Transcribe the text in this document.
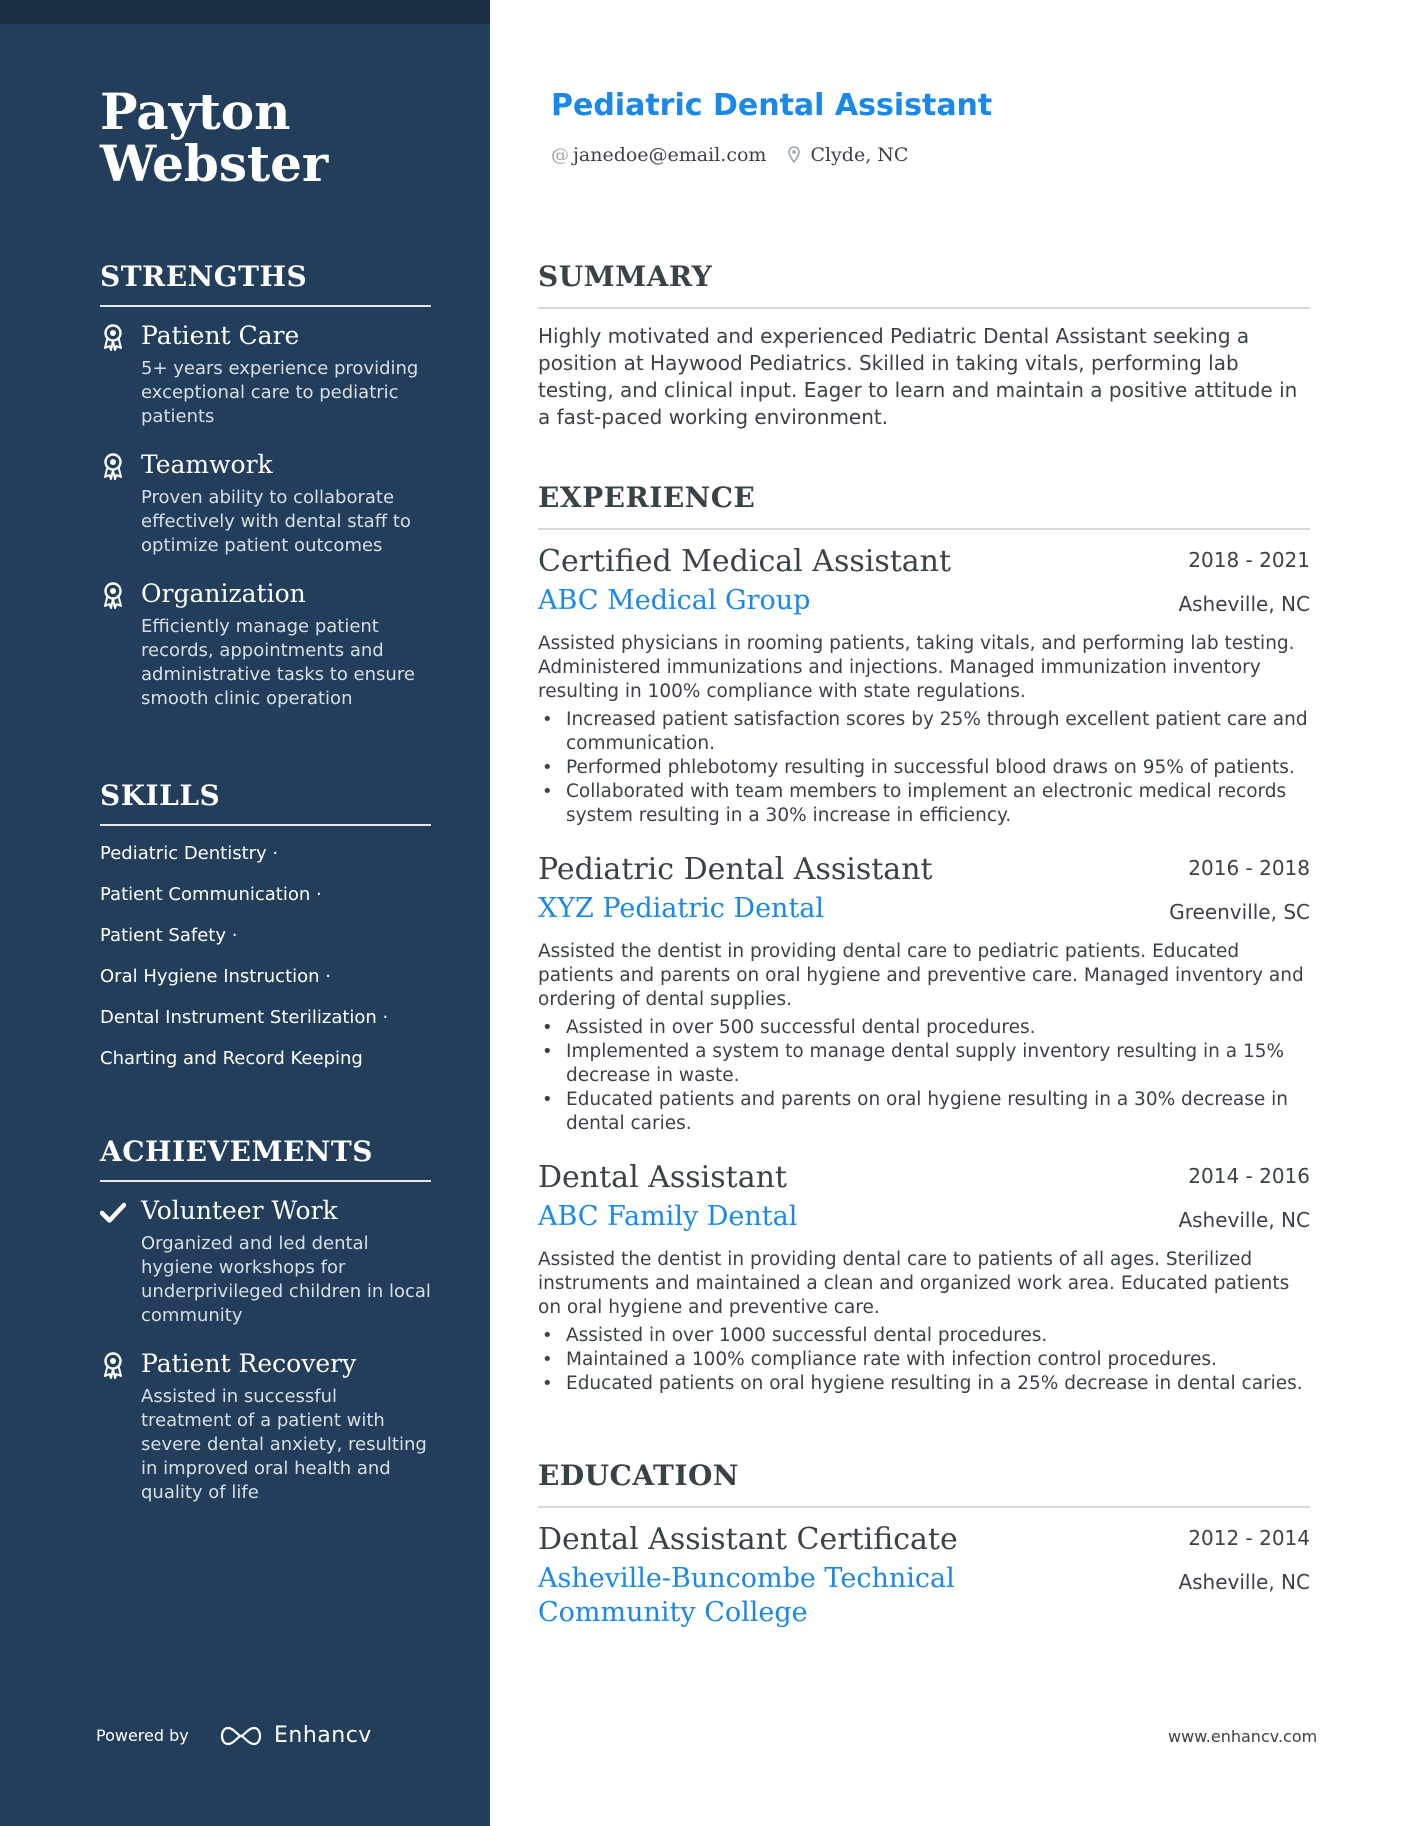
Payton
Webster
STRENGTHS
Patient Care
5+ years experience providing exceptional care to pediatric patients
Teamwork
Proven ability to collaborate effectively with dental staff to optimize patient outcomes
Organization
Efficiently manage patient records, appointments and administrative tasks to ensure smooth clinic operation
SKILLS
Pediatric Dentistry ·
Patient Communication ·
Patient Safety ·
Oral Hygiene Instruction ·
Dental Instrument Sterilization ·
Charting and Record Keeping
ACHIEVEMENTS
Volunteer Work
Organized and led dental hygiene workshops for underprivileged children in local community
Patient Recovery
Assisted in successful treatment of a patient with severe dental anxiety, resulting in improved oral health and quality of life
Powered by	Enhancv
Pediatric Dental Assistant
@ janedoe@email.com Clyde, NC
SUMMARY
Highly motivated and experienced Pediatric Dental Assistant seeking a position at Haywood Pediatrics. Skilled in taking vitals, performing lab testing, and clinical input. Eager to learn and maintain a positive attitude in a fast-paced working environment.
EXPERIENCE
Certified Medical Assistant	2018 - 2021
ABC Medical Group	Asheville, NC
Assisted physicians in rooming patients, taking vitals, and performing lab testing. Administered immunizations and injections. Managed immunization inventory resulting in 100% compliance with state regulations.
• Increased patient satisfaction scores by 25% through excellent patient care and communication.
• Performed phlebotomy resulting in successful blood draws on 95% of patients.
• Collaborated with team members to implement an electronic medical records system resulting in a 30% increase in efficiency.
Pediatric Dental Assistant	2016 - 2018
XYZ Pediatric Dental	Greenville, SC
Assisted the dentist in providing dental care to pediatric patients. Educated patients and parents on oral hygiene and preventive care. Managed inventory and ordering of dental supplies.
• Assisted in over 500 successful dental procedures.
• Implemented a system to manage dental supply inventory resulting in a 15% decrease in waste.
• Educated patients and parents on oral hygiene resulting in a 30% decrease in dental caries.
Dental Assistant	2014 - 2016
ABC Family Dental	Asheville, NC
Assisted the dentist in providing dental care to patients of all ages. Sterilized instruments and maintained a clean and organized work area. Educated patients on oral hygiene and preventive care.
• Assisted in over 1000 successful dental procedures.
• Maintained a 100% compliance rate with infection control procedures.
• Educated patients on oral hygiene resulting in a 25% decrease in dental caries.
EDUCATION
Dental Assistant Certificate	2012 - 2014
Asheville-Buncombe Technical
Community College
Asheville, NC
www.enhancv.com
